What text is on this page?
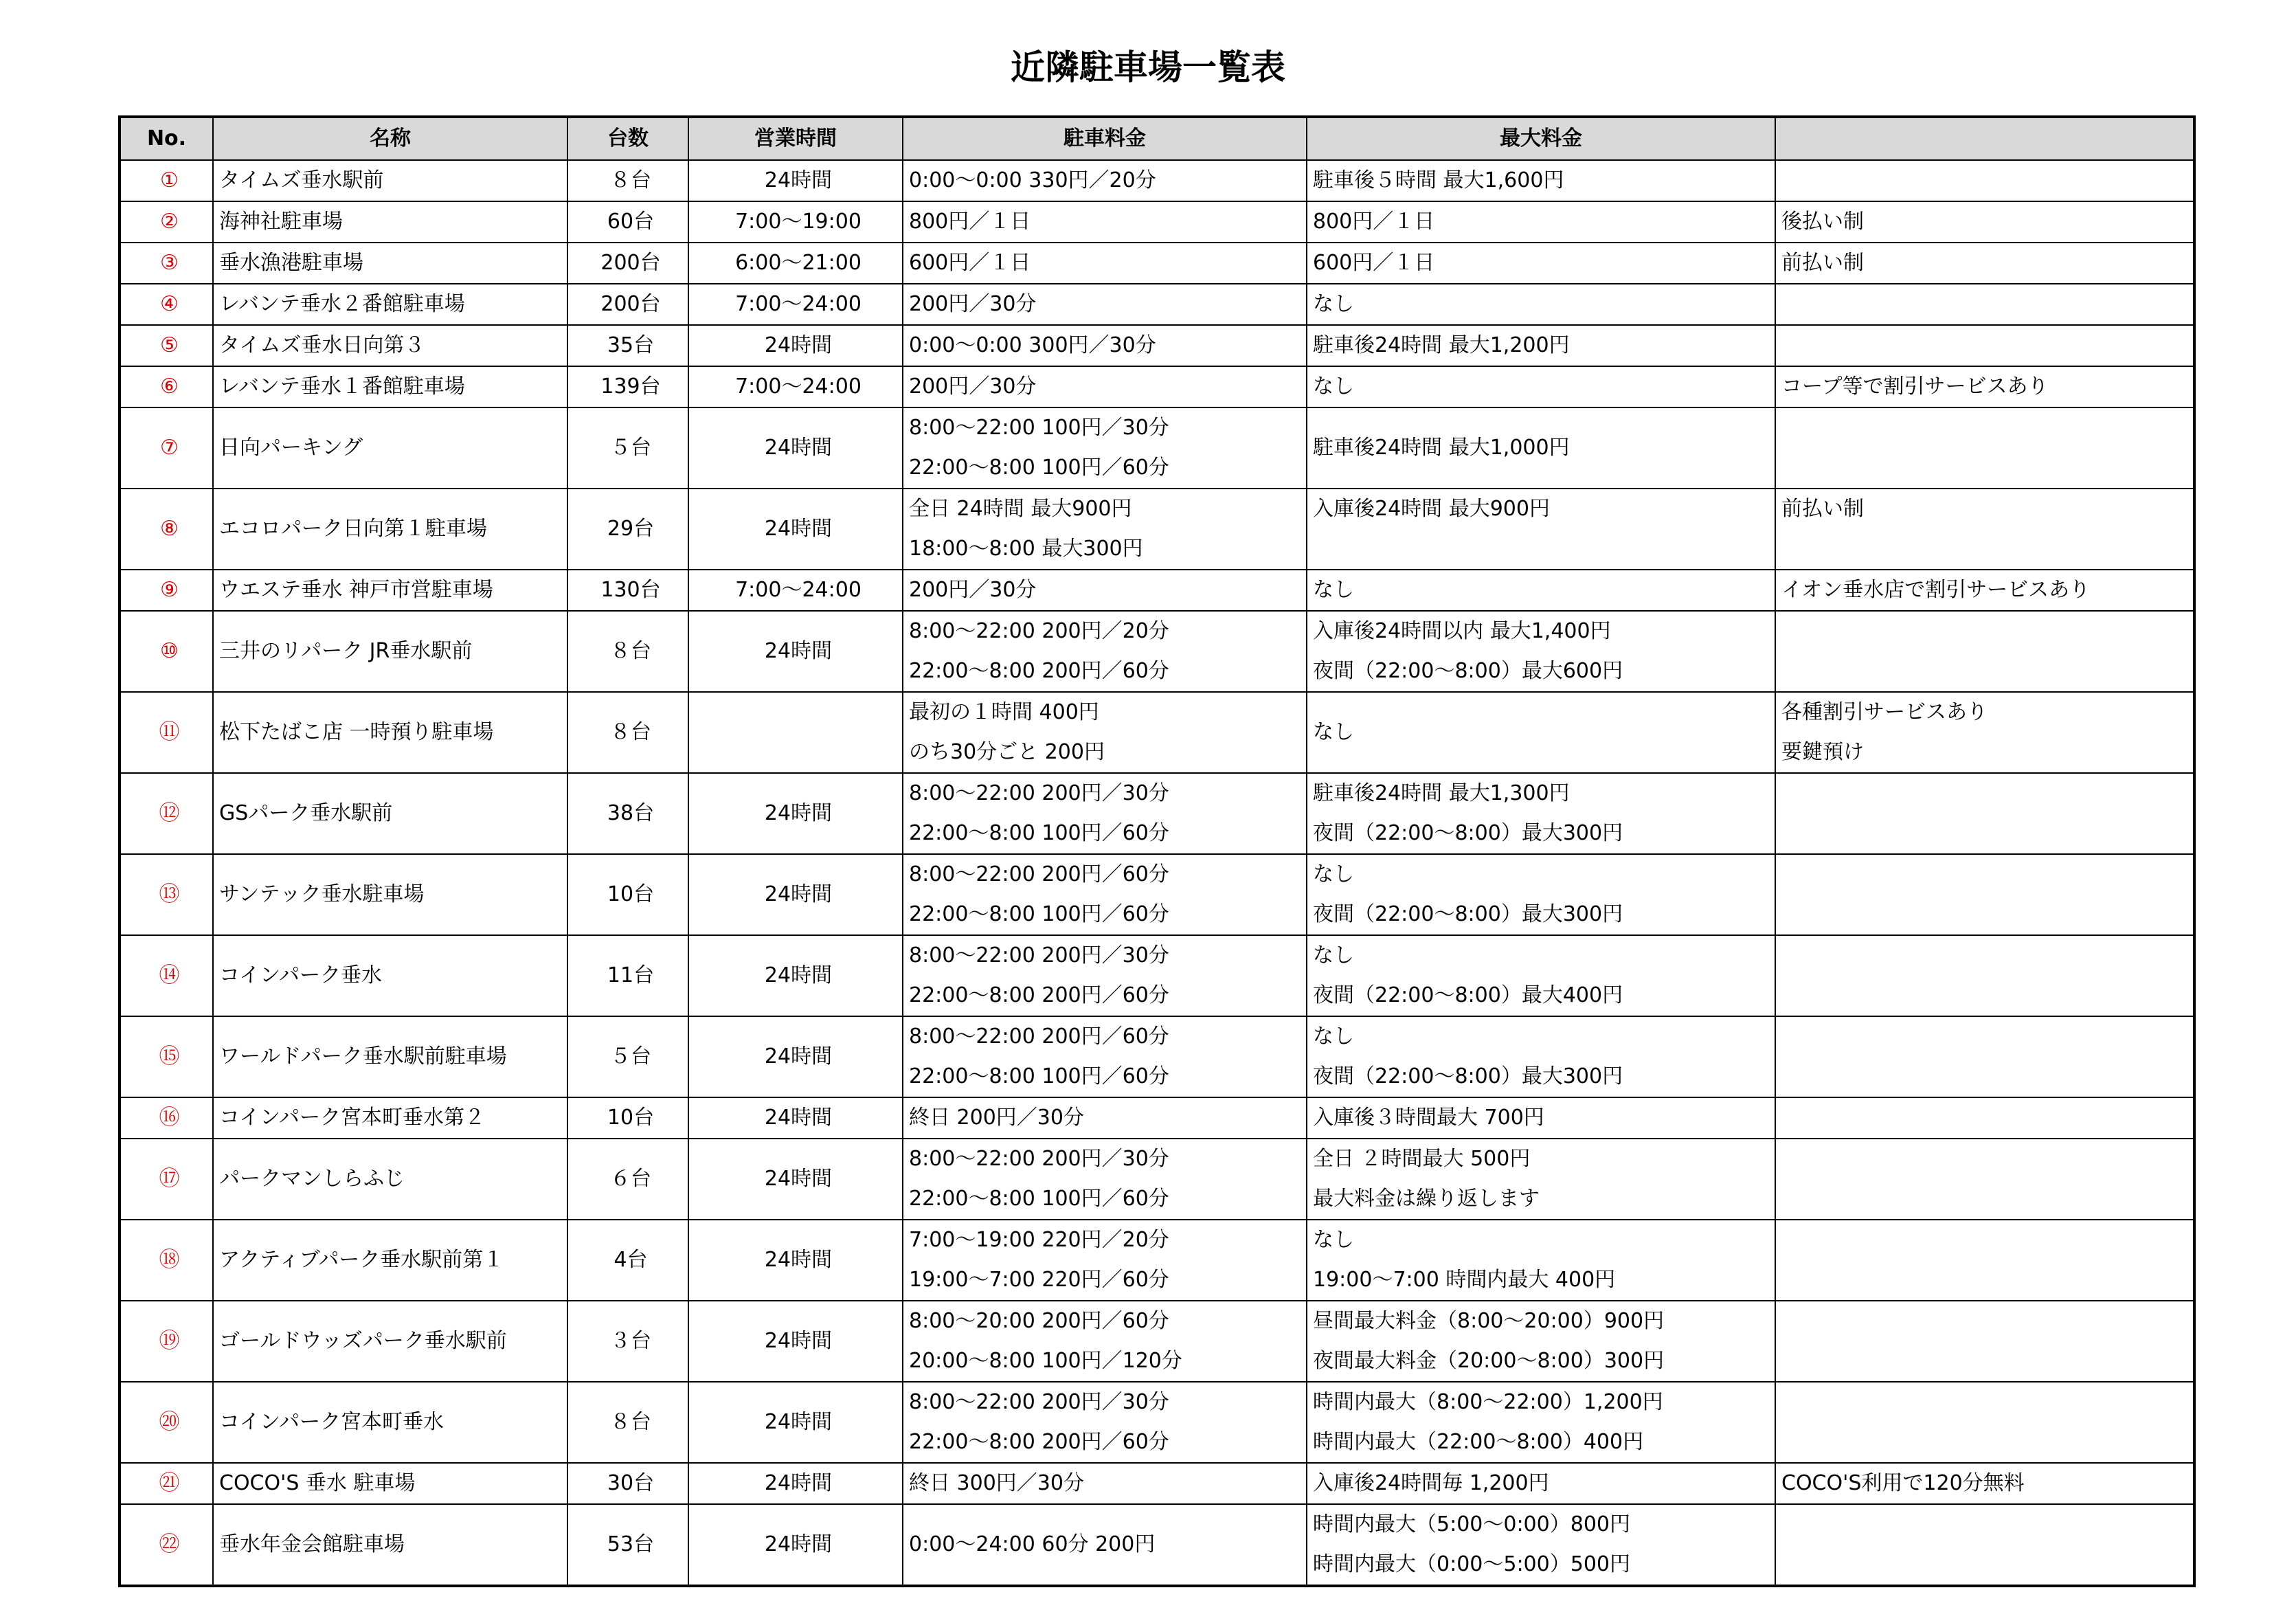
近隣駐車場一覧表
No.	名称	台数	営業時間	駐車料金	最大料金	
①	タイムズ垂水駅前	８台	24時間	0:00～0:00 330円／20分	駐車後５時間 最大1,600円	

②	海神社駐車場	60台	7:00～19:00	800円／１日	800円／１日	後払い制

③	垂水漁港駐車場	200台	6:00～21:00	600円／１日	600円／１日	前払い制

④	レバンテ垂水２番館駐車場	200台	7:00～24:00	200円／30分	なし	

⑤	タイムズ垂水日向第３	35台	24時間	0:00～0:00 300円／30分	駐車後24時間 最大1,200円	

⑥	レバンテ垂水１番館駐車場	139台	7:00～24:00	200円／30分	なし	コープ等で割引サービスあり

⑦	日向パーキング	５台	24時間	8:00～22:00 100円／30分
22:00～8:00 100円／60分	駐車後24時間 最大1,000円	

⑧	エコロパーク日向第１駐車場	29台	24時間	全日 24時間 最大900円
18:00～8:00 最大300円	入庫後24時間 最大900円	前払い制

⑨	ウエステ垂水 神戸市営駐車場	130台	7:00～24:00	200円／30分	なし	イオン垂水店で割引サービスあり

⑩	三井のリパーク JR垂水駅前	８台	24時間	8:00～22:00 200円／20分
22:00～8:00 200円／60分	入庫後24時間以内 最大1,400円
夜間（22:00～8:00）最大600円	

⑪	松下たばこ店 一時預り駐車場	８台		最初の１時間 400円
のち30分ごと 200円	なし	各種割引サービスあり
要鍵預け

⑫	GSパーク垂水駅前	38台	24時間	8:00～22:00 200円／30分
22:00～8:00 100円／60分	駐車後24時間 最大1,300円
夜間（22:00～8:00）最大300円	

⑬	サンテック垂水駐車場	10台	24時間	8:00～22:00 200円／60分
22:00～8:00 100円／60分	なし
夜間（22:00～8:00）最大300円	

⑭	コインパーク垂水	11台	24時間	8:00～22:00 200円／30分
22:00～8:00 200円／60分	なし
夜間（22:00～8:00）最大400円	

⑮	ワールドパーク垂水駅前駐車場	５台	24時間	8:00～22:00 200円／60分
22:00～8:00 100円／60分	なし
夜間（22:00～8:00）最大300円	

⑯	コインパーク宮本町垂水第２	10台	24時間	終日 200円／30分	入庫後３時間最大 700円	

⑰	パークマンしらふじ	６台	24時間	8:00～22:00 200円／30分
22:00～8:00 100円／60分	全日 ２時間最大 500円
最大料金は繰り返します	

⑱	アクティブパーク垂水駅前第１	4台	24時間	7:00～19:00 220円／20分
19:00～7:00 220円／60分	なし
19:00～7:00 時間内最大 400円	

⑲	ゴールドウッズパーク垂水駅前	３台	24時間	8:00～20:00 200円／60分
20:00～8:00 100円／120分	昼間最大料金（8:00～20:00）900円
夜間最大料金（20:00～8:00）300円	

⑳	コインパーク宮本町垂水	８台	24時間	8:00～22:00 200円／30分
22:00～8:00 200円／60分	時間内最大（8:00～22:00）1,200円
時間内最大（22:00～8:00）400円	

㉑	COCO'S 垂水 駐車場	30台	24時間	終日 300円／30分	入庫後24時間毎 1,200円	COCO'S利用で120分無料

㉒	垂水年金会館駐車場	53台	24時間	0:00～24:00 60分 200円	時間内最大（5:00～0:00）800円
時間内最大（0:00～5:00）500円	
